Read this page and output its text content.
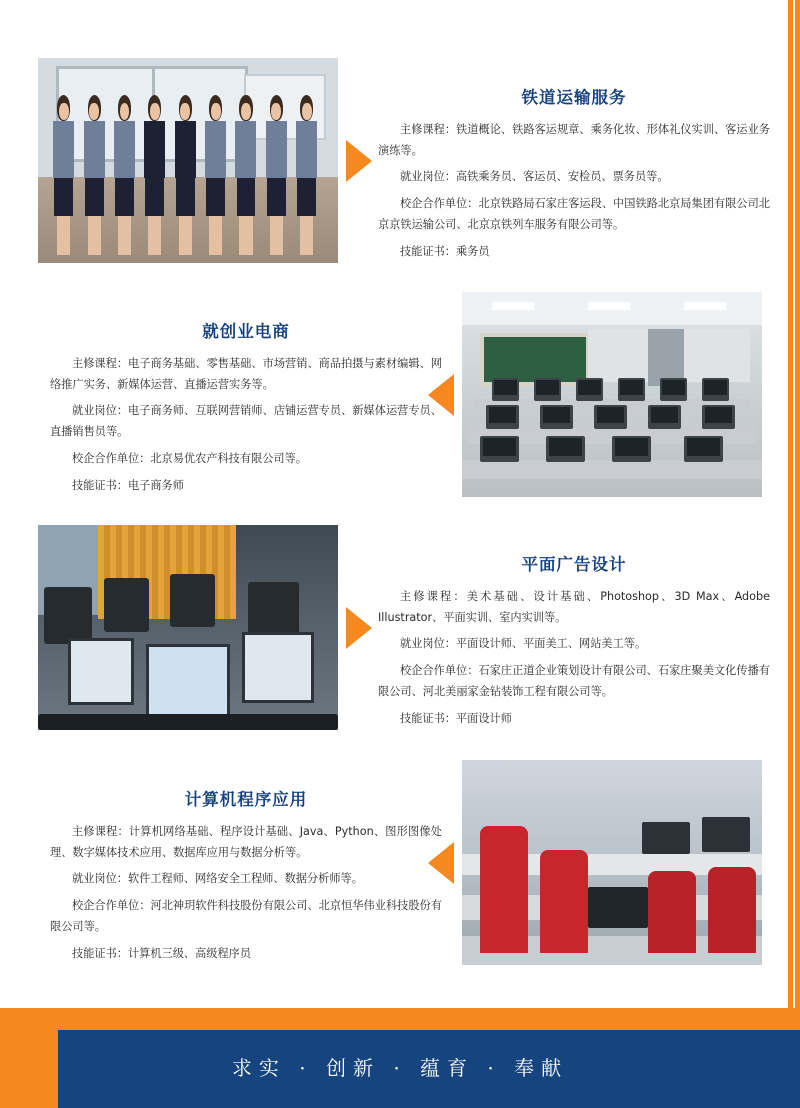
铁道运输服务

主修课程：铁道概论、铁路客运规章、乘务化妆、形体礼仪实训、客运业务演练等。

就业岗位：高铁乘务员、客运员、安检员、票务员等。

校企合作单位：北京铁路局石家庄客运段、中国铁路北京局集团有限公司北京京铁运输公司、北京京铁列车服务有限公司等。

技能证书：乘务员

就创业电商

主修课程：电子商务基础、零售基础、市场营销、商品拍摄与素材编辑、网络推广实务、新媒体运营、直播运营实务等。

就业岗位：电子商务师、互联网营销师、店铺运营专员、新媒体运营专员、直播销售员等。

校企合作单位：北京易优农产科技有限公司等。

技能证书：电子商务师

平面广告设计

主修课程：美术基础、设计基础、Photoshop、3D Max、Adobe Illustrator、平面实训、室内实训等。

就业岗位：平面设计师、平面美工、网站美工等。

校企合作单位：石家庄正道企业策划设计有限公司、石家庄聚美文化传播有限公司、河北美丽家金钻装饰工程有限公司等。

技能证书：平面设计师

计算机程序应用

主修课程：计算机网络基础、程序设计基础、Java、Python、图形图像处理、数字媒体技术应用、数据库应用与数据分析等。

就业岗位：软件工程师、网络安全工程师、数据分析师等。

校企合作单位：河北神玥软件科技股份有限公司、北京恒华伟业科技股份有限公司等。

技能证书：计算机三级、高级程序员

求实 · 创新 · 蕴育 · 奉献
